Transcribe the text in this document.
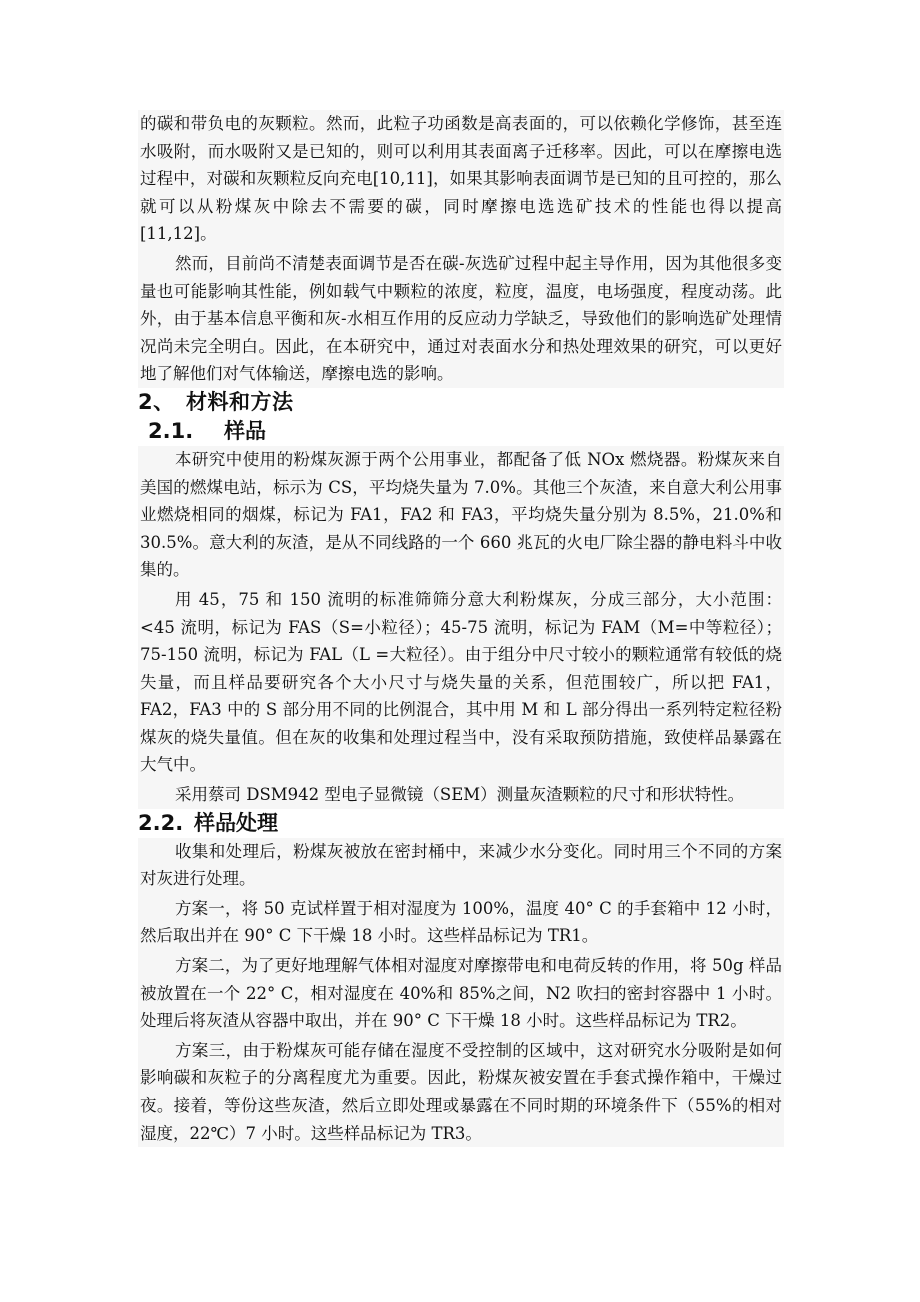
的碳和带负电的灰颗粒。然而，此粒子功函数是高表面的，可以依赖化学修饰，甚至连水吸附，而水吸附又是已知的，则可以利用其表面离子迁移率。因此，可以在摩擦电选过程中，对碳和灰颗粒反向充电[10,11]，如果其影响表面调节是已知的且可控的，那么就可以从粉煤灰中除去不需要的碳，同时摩擦电选选矿技术的性能也得以提高 [11,12]。

然而，目前尚不清楚表面调节是否在碳-灰选矿过程中起主导作用，因为其他很多变量也可能影响其性能，例如载气中颗粒的浓度，粒度，温度，电场强度，程度动荡。此外，由于基本信息平衡和灰-水相互作用的反应动力学缺乏，导致他们的影响选矿处理情况尚未完全明白。因此，在本研究中，通过对表面水分和热处理效果的研究，可以更好地了解他们对气体输送，摩擦电选的影响。

2、 材料和方法
2.1. 样品

本研究中使用的粉煤灰源于两个公用事业，都配备了低 NOx 燃烧器。粉煤灰来自美国的燃煤电站，标示为 CS，平均烧失量为 7.0%。其他三个灰渣，来自意大利公用事业燃烧相同的烟煤，标记为 FA1，FA2 和 FA3，平均烧失量分别为 8.5%，21.0%和 30.5%。意大利的灰渣，是从不同线路的一个 660 兆瓦的火电厂除尘器的静电料斗中收集的。

用 45，75 和 150 流明的标准筛筛分意大利粉煤灰，分成三部分，大小范围：<45 流明，标记为 FAS（S=小粒径）；45-75 流明，标记为 FAM（M=中等粒径）；75-150 流明，标记为 FAL（L =大粒径）。由于组分中尺寸较小的颗粒通常有较低的烧失量，而且样品要研究各个大小尺寸与烧失量的关系，但范围较广，所以把 FA1，FA2，FA3 中的 S 部分用不同的比例混合，其中用 M 和 L 部分得出一系列特定粒径粉煤灰的烧失量值。但在灰的收集和处理过程当中，没有采取预防措施，致使样品暴露在大气中。

采用蔡司 DSM942 型电子显微镜（SEM）测量灰渣颗粒的尺寸和形状特性。

2.2. 样品处理

收集和处理后，粉煤灰被放在密封桶中，来减少水分变化。同时用三个不同的方案对灰进行处理。

方案一，将 50 克试样置于相对湿度为 100%，温度 40° C 的手套箱中 12 小时，然后取出并在 90° C 下干燥 18 小时。这些样品标记为 TR1。

方案二，为了更好地理解气体相对湿度对摩擦带电和电荷反转的作用，将 50g 样品被放置在一个 22° C，相对湿度在 40%和 85%之间，N2 吹扫的密封容器中 1 小时。处理后将灰渣从容器中取出，并在 90° C 下干燥 18 小时。这些样品标记为 TR2。

方案三，由于粉煤灰可能存储在湿度不受控制的区域中，这对研究水分吸附是如何影响碳和灰粒子的分离程度尤为重要。因此，粉煤灰被安置在手套式操作箱中，干燥过夜。接着，等份这些灰渣，然后立即处理或暴露在不同时期的环境条件下（55%的相对湿度，22℃）7 小时。这些样品标记为 TR3。
